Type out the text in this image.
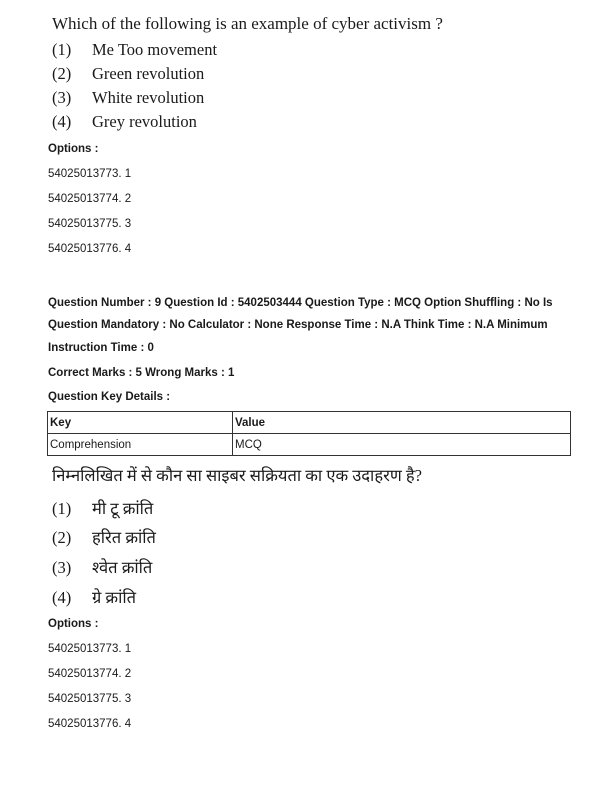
Which of the following is an example of cyber activism ?
(1) Me Too movement
(2) Green revolution
(3) White revolution
(4) Grey revolution
Options :
54025013773. 1
54025013774. 2
54025013775. 3
54025013776. 4
Question Number : 9 Question Id : 5402503444 Question Type : MCQ Option Shuffling : No Is
Question Mandatory : No Calculator : None Response Time : N.A Think Time : N.A Minimum
Instruction Time : 0
Correct Marks : 5 Wrong Marks : 1
Question Key Details :
Key	Value
Comprehension	MCQ
निम्नलिखित में से कौन सा साइबर सक्रियता का एक उदाहरण है?
(1) मी टू क्रांति
(2) हरित क्रांति
(3) श्वेत क्रांति
(4) ग्रे क्रांति
Options :
54025013773. 1
54025013774. 2
54025013775. 3
54025013776. 4
